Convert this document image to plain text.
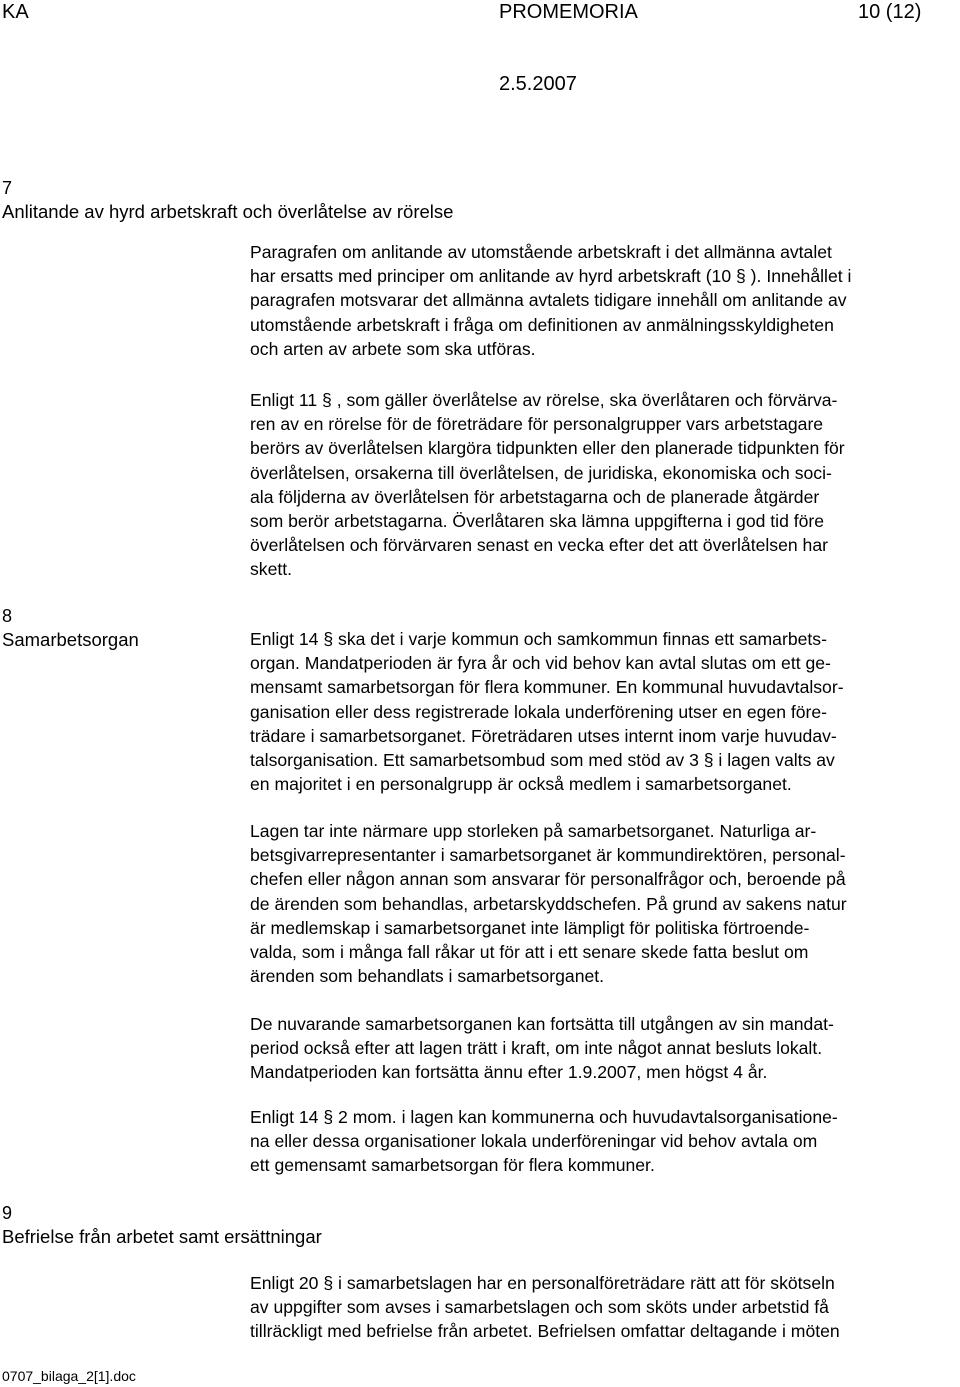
KA	PROMEMORIA	10 (12)
2.5.2007
7
Anlitande av hyrd arbetskraft och överlåtelse av rörelse
8
Samarbetsorgan
9
Befrielse från arbetet samt ersättningar
Paragrafen om anlitande av utomstående arbetskraft i det allmänna avtalet
har ersatts med principer om anlitande av hyrd arbetskraft (10 § ). Innehållet i
paragrafen motsvarar det allmänna avtalets tidigare innehåll om anlitande av
utomstående arbetskraft i fråga om definitionen av anmälningsskyldigheten
och arten av arbete som ska utföras.
Enligt 11 § , som gäller överlåtelse av rörelse, ska överlåtaren och förvärva-
ren av en rörelse för de företrädare för personalgrupper vars arbetstagare
berörs av överlåtelsen klargöra tidpunkten eller den planerade tidpunkten för
överlåtelsen, orsakerna till överlåtelsen, de juridiska, ekonomiska och soci-
ala följderna av överlåtelsen för arbetstagarna och de planerade åtgärder
som berör arbetstagarna. Överlåtaren ska lämna uppgifterna i god tid före
överlåtelsen och förvärvaren senast en vecka efter det att överlåtelsen har
skett.
Enligt 14 § ska det i varje kommun och samkommun finnas ett samarbets-
organ. Mandatperioden är fyra år och vid behov kan avtal slutas om ett ge-
mensamt samarbetsorgan för flera kommuner. En kommunal huvudavtalsor-
ganisation eller dess registrerade lokala underförening utser en egen före-
trädare i samarbetsorganet. Företrädaren utses internt inom varje huvudav-
talsorganisation. Ett samarbetsombud som med stöd av 3 § i lagen valts av
en majoritet i en personalgrupp är också medlem i samarbetsorganet.
Lagen tar inte närmare upp storleken på samarbetsorganet. Naturliga ar-
betsgivarrepresentanter i samarbetsorganet är kommundirektören, personal-
chefen eller någon annan som ansvarar för personalfrågor och, beroende på
de ärenden som behandlas, arbetarskyddschefen. På grund av sakens natur
är medlemskap i samarbetsorganet inte lämpligt för politiska förtroende-
valda, som i många fall råkar ut för att i ett senare skede fatta beslut om
ärenden som behandlats i samarbetsorganet.
De nuvarande samarbetsorganen kan fortsätta till utgången av sin mandat-
period också efter att lagen trätt i kraft, om inte något annat besluts lokalt.
Mandatperioden kan fortsätta ännu efter 1.9.2007, men högst 4 år.
Enligt 14 § 2 mom. i lagen kan kommunerna och huvudavtalsorganisatione-
na eller dessa organisationer lokala underföreningar vid behov avtala om
ett gemensamt samarbetsorgan för flera kommuner.
Enligt 20 § i samarbetslagen har en personalföreträdare rätt att för skötseln
av uppgifter som avses i samarbetslagen och som sköts under arbetstid få
tillräckligt med befrielse från arbetet. Befrielsen omfattar deltagande i möten
0707_bilaga_2[1].doc
